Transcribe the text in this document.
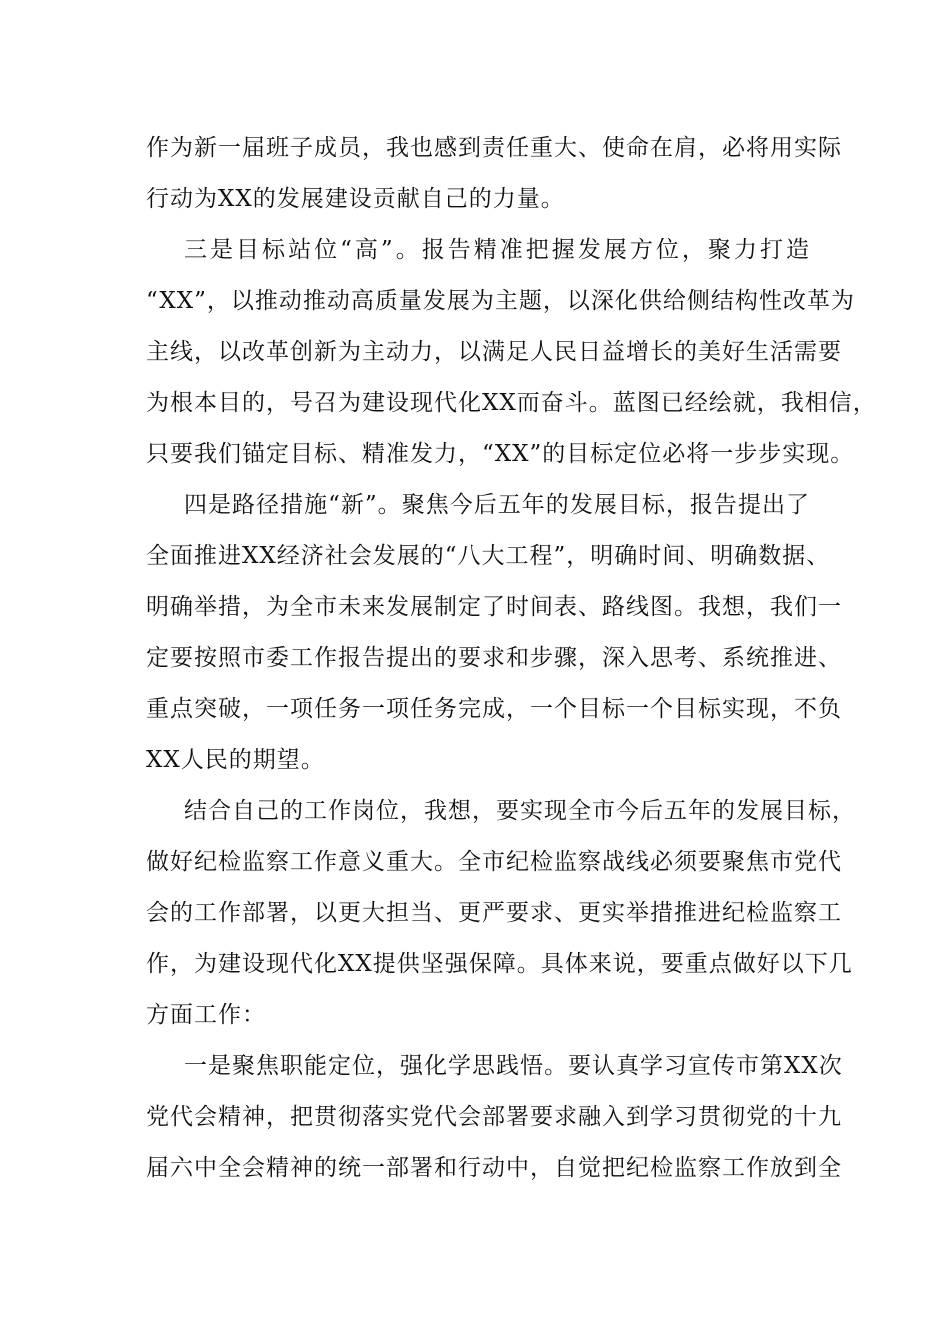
作为新一届班子成员，我也感到责任重大、使命在肩，必将用实际
行动为XX的发展建设贡献自己的力量。
三是目标站位“高”。报告精准把握发展方位，聚力打造
“XX”，以推动推动高质量发展为主题，以深化供给侧结构性改革为
主线，以改革创新为主动力，以满足人民日益增长的美好生活需要
为根本目的，号召为建设现代化XX而奋斗。蓝图已经绘就，我相信，
只要我们锚定目标、精准发力，“XX”的目标定位必将一步步实现。
四是路径措施“新”。聚焦今后五年的发展目标，报告提出了
全面推进XX经济社会发展的“八大工程”，明确时间、明确数据、
明确举措，为全市未来发展制定了时间表、路线图。我想，我们一
定要按照市委工作报告提出的要求和步骤，深入思考、系统推进、
重点突破，一项任务一项任务完成，一个目标一个目标实现，不负
XX人民的期望。
结合自己的工作岗位，我想，要实现全市今后五年的发展目标，
做好纪检监察工作意义重大。全市纪检监察战线必须要聚焦市党代
会的工作部署，以更大担当、更严要求、更实举措推进纪检监察工
作，为建设现代化XX提供坚强保障。具体来说，要重点做好以下几
方面工作：
一是聚焦职能定位，强化学思践悟。要认真学习宣传市第XX次
党代会精神，把贯彻落实党代会部署要求融入到学习贯彻党的十九
届六中全会精神的统一部署和行动中，自觉把纪检监察工作放到全
